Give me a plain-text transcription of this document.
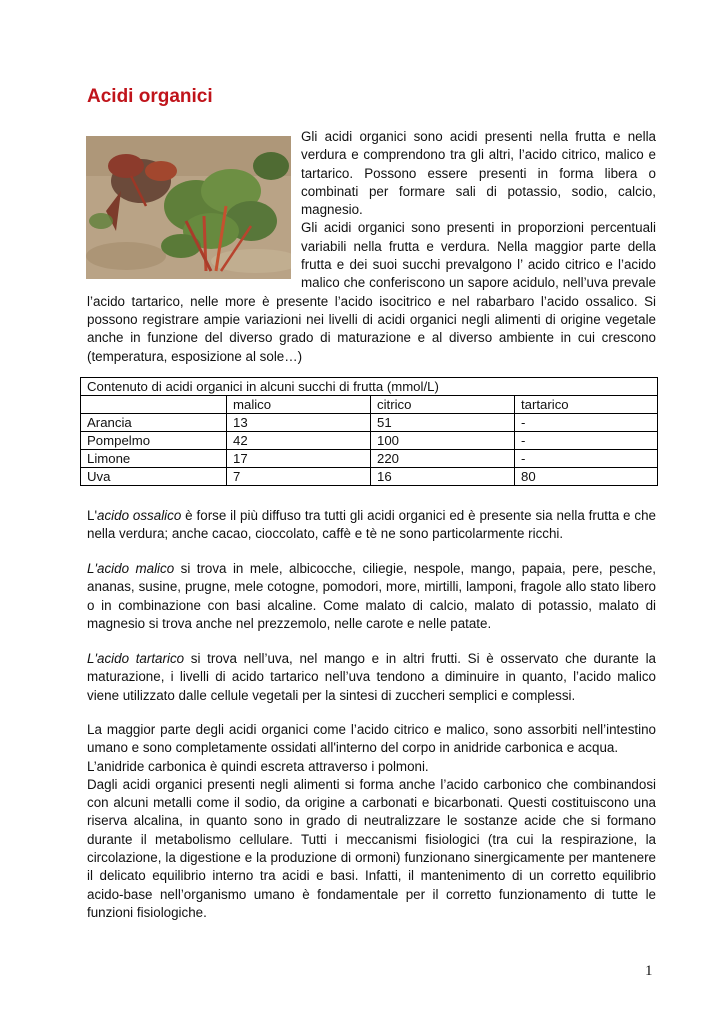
Acidi organici

Gli acidi organici sono acidi presenti nella frutta e nella verdura e comprendono tra gli altri, l’acido citrico, malico e tartarico. Possono essere presenti in forma libera o combinati per formare sali di potassio, sodio, calcio, magnesio.

Gli acidi organici sono presenti in proporzioni percentuali variabili nella frutta e verdura. Nella maggior parte della frutta e dei suoi succhi prevalgono l’ acido citrico e l’acido malico che conferiscono un sapore acidulo, nell’uva prevale l’acido tartarico, nelle more è presente l’acido isocitrico e nel rabarbaro l’acido ossalico. Si possono registrare ampie variazioni nei livelli di acidi organici negli alimenti di origine vegetale anche in funzione del diverso grado di maturazione e al diverso ambiente in cui crescono (temperatura, esposizione al sole…)

Contenuto di acidi organici in alcuni succhi di frutta (mmol/L)			
	malico	citrico	tartarico
Arancia	13	51	-
Pompelmo	42	100	-
Limone	17	220	-
Uva	7	16	80

L'acido ossalico è forse il più diffuso tra tutti gli acidi organici ed è presente sia nella frutta e che nella verdura; anche cacao, cioccolato, caffè e tè ne sono particolarmente ricchi.

L'acido malico si trova in mele, albicocche, ciliegie, nespole, mango, papaia, pere, pesche, ananas, susine, prugne, mele cotogne, pomodori, more, mirtilli, lamponi, fragole allo stato libero o in combinazione con basi alcaline. Come malato di calcio, malato di potassio, malato di magnesio si trova anche nel prezzemolo, nelle carote e nelle patate.

L'acido tartarico si trova nell’uva, nel mango e in altri frutti. Si è osservato che durante la maturazione, i livelli di acido tartarico nell’uva tendono a diminuire in quanto, l’acido malico viene utilizzato dalle cellule vegetali per la sintesi di zuccheri semplici e complessi.

La maggior parte degli acidi organici come l’acido citrico e malico, sono assorbiti nell’intestino umano e sono completamente ossidati all'interno del corpo in anidride carbonica e acqua.

L’anidride carbonica è quindi escreta attraverso i polmoni.

Dagli acidi organici presenti negli alimenti si forma anche l’acido carbonico che combinandosi con alcuni metalli come il sodio, da origine a carbonati e bicarbonati. Questi costituiscono una riserva alcalina, in quanto sono in grado di neutralizzare le sostanze acide che si formano durante il metabolismo cellulare. Tutti i meccanismi fisiologici (tra cui la respirazione, la circolazione, la digestione e la produzione di ormoni) funzionano sinergicamente per mantenere il delicato equilibrio interno tra acidi e basi. Infatti, il mantenimento di un corretto equilibrio acido-base nell’organismo umano è fondamentale per il corretto funzionamento di tutte le funzioni fisiologiche.

1
